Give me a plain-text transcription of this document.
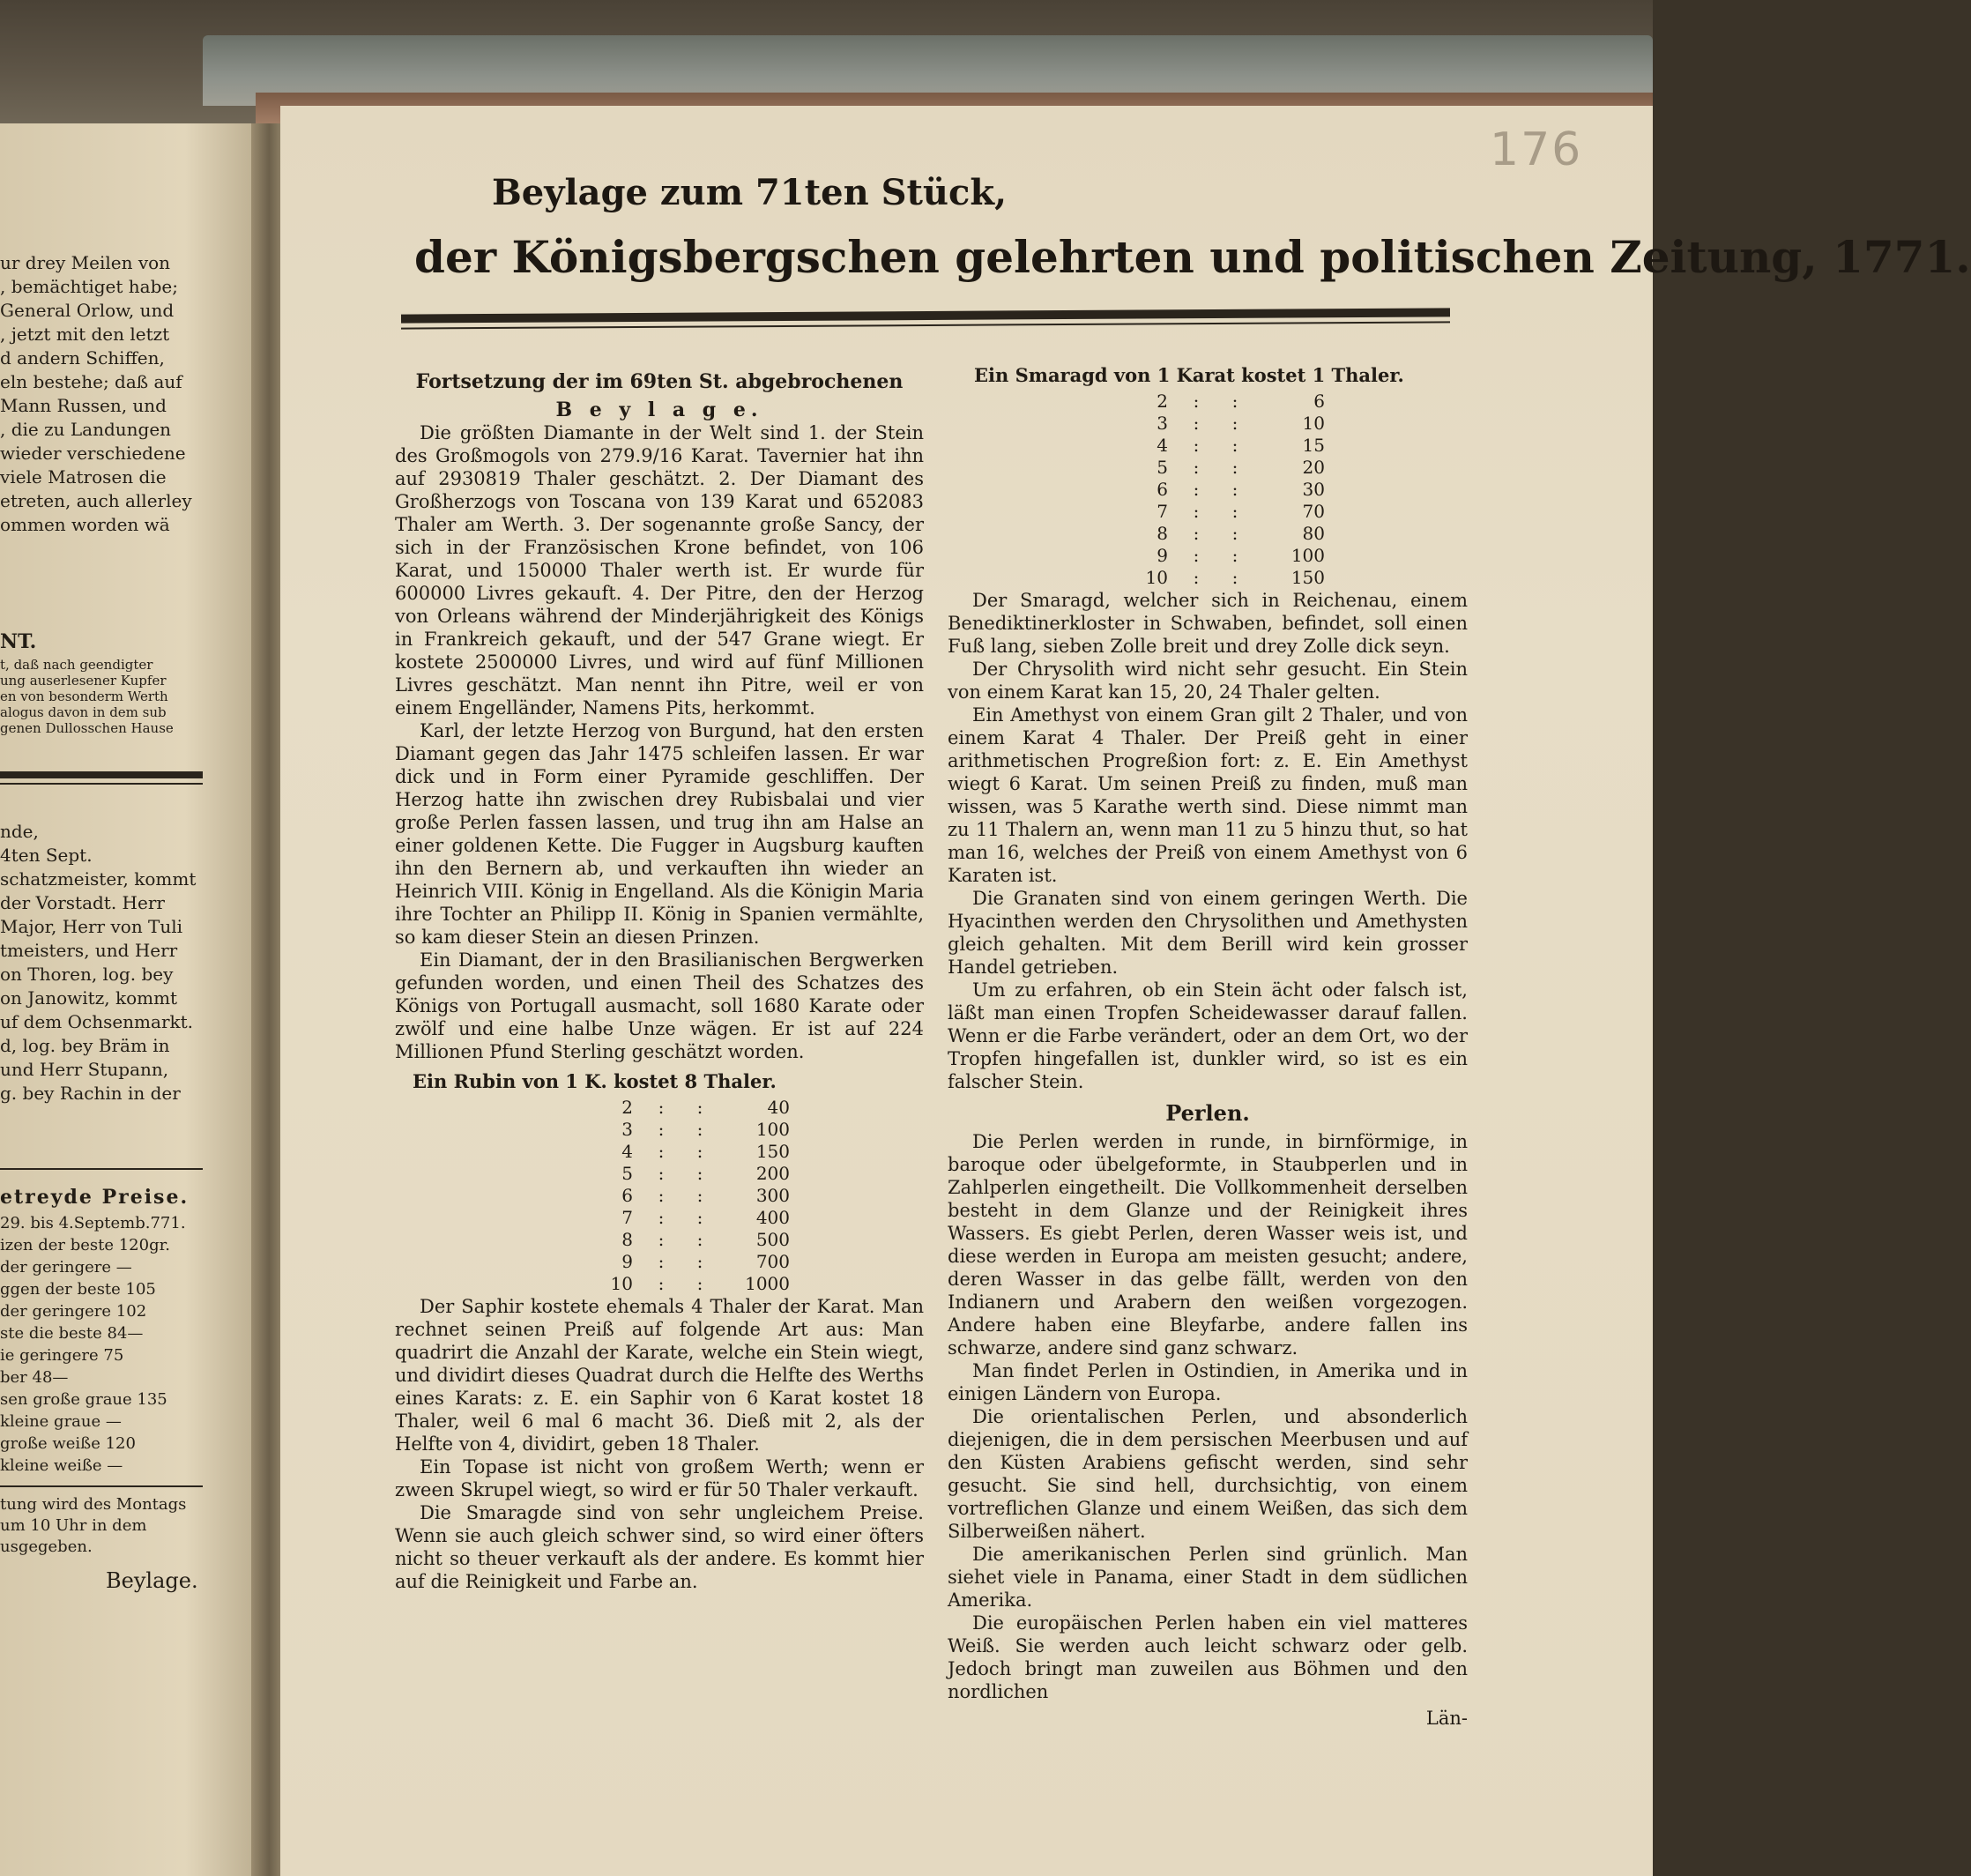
ur drey Meilen von
, bemächtiget habe;
General Orlow, und
, jetzt mit den letzt
d andern Schiffen,
eln bestehe; daß auf
Mann Russen, und
, die zu Landungen
wieder verschiedene
viele Matrosen die
etreten, auch allerley
ommen worden wä
NT.
t, daß nach geendigter
ung auserlesener Kupfer
en von besonderm Werth
alogus davon in dem sub
genen Dullosschen Hause
nde,
4ten Sept.
schatzmeister, kommt
der Vorstadt. Herr
Major, Herr von Tuli
tmeisters, und Herr
on Thoren, log. bey
on Janowitz, kommt
uf dem Ochsenmarkt.
d, log. bey Bräm in
und Herr Stupann,
g. bey Rachin in der
etreyde Preise.
29. bis 4.Septemb.771.
izen der beste 120gr.
der geringere —
ggen der beste 105
der geringere 102
ste die beste 84—
ie geringere 75
ber 48—
sen große graue 135
kleine graue —
große weiße 120
kleine weiße —
tung wird des Montags
um 10 Uhr in dem
usgegeben.
Beylage.
176
Beylage zum 71ten Stück,
der Königsbergschen gelehrten und politischen Zeitung, 1771.

Fortsetzung der im 69ten St. abgebrochenen

B e y l a g e.

Die größten Diamante in der Welt sind 1. der Stein des Großmogols von 279.9/16 Karat. Tavernier hat ihn auf 2930819 Thaler geschätzt. 2. Der Diamant des Großherzogs von Toscana von 139 Karat und 652083 Thaler am Werth. 3. Der sogenannte große Sancy, der sich in der Französischen Krone befindet, von 106 Karat, und 150000 Thaler werth ist. Er wurde für 600000 Livres gekauft. 4. Der Pitre, den der Herzog von Orleans während der Minderjährigkeit des Königs in Frankreich gekauft, und der 547 Grane wiegt. Er kostete 2500000 Livres, und wird auf fünf Millionen Livres geschätzt. Man nennt ihn Pitre, weil er von einem Engelländer, Namens Pits, herkommt.

Karl, der letzte Herzog von Burgund, hat den ersten Diamant gegen das Jahr 1475 schleifen lassen. Er war dick und in Form einer Pyramide geschliffen. Der Herzog hatte ihn zwischen drey Rubisbalai und vier große Perlen fassen lassen, und trug ihn am Halse an einer goldenen Kette. Die Fugger in Augsburg kauften ihn den Bernern ab, und verkauften ihn wieder an Heinrich VIII. König in Engelland. Als die Königin Maria ihre Tochter an Philipp II. König in Spanien vermählte, so kam dieser Stein an diesen Prinzen.

Ein Diamant, der in den Brasilianischen Bergwerken gefunden worden, und einen Theil des Schatzes des Königs von Portugall ausmacht, soll 1680 Karate oder zwölf und eine halbe Unze wägen. Er ist auf 224 Millionen Pfund Sterling geschätzt worden.

Ein Rubin von 1 K. kostet 8 Thaler.

2	:	:	40
3	:	:	100
4	:	:	150
5	:	:	200
6	:	:	300
7	:	:	400
8	:	:	500
9	:	:	700
10	:	:	1000

Der Saphir kostete ehemals 4 Thaler der Karat. Man rechnet seinen Preiß auf folgende Art aus: Man quadrirt die Anzahl der Karate, welche ein Stein wiegt, und dividirt dieses Quadrat durch die Helfte des Werths eines Karats: z. E. ein Saphir von 6 Karat kostet 18 Thaler, weil 6 mal 6 macht 36. Dieß mit 2, als der Helfte von 4, dividirt, geben 18 Thaler.

Ein Topase ist nicht von großem Werth; wenn er zween Skrupel wiegt, so wird er für 50 Thaler verkauft.

Die Smaragde sind von sehr ungleichem Preise. Wenn sie auch gleich schwer sind, so wird einer öfters nicht so theuer verkauft als der andere. Es kommt hier auf die Reinigkeit und Farbe an.

Ein Smaragd von 1 Karat kostet 1 Thaler.

2	:	:	6
3	:	:	10
4	:	:	15
5	:	:	20
6	:	:	30
7	:	:	70
8	:	:	80
9	:	:	100
10	:	:	150

Der Smaragd, welcher sich in Reichenau, einem Benediktinerkloster in Schwaben, befindet, soll einen Fuß lang, sieben Zolle breit und drey Zolle dick seyn.

Der Chrysolith wird nicht sehr gesucht. Ein Stein von einem Karat kan 15, 20, 24 Thaler gelten.

Ein Amethyst von einem Gran gilt 2 Thaler, und von einem Karat 4 Thaler. Der Preiß geht in einer arithmetischen Progreßion fort: z. E. Ein Amethyst wiegt 6 Karat. Um seinen Preiß zu finden, muß man wissen, was 5 Karathe werth sind. Diese nimmt man zu 11 Thalern an, wenn man 11 zu 5 hinzu thut, so hat man 16, welches der Preiß von einem Amethyst von 6 Karaten ist.

Die Granaten sind von einem geringen Werth. Die Hyacinthen werden den Chrysolithen und Amethysten gleich gehalten. Mit dem Berill wird kein grosser Handel getrieben.

Um zu erfahren, ob ein Stein ächt oder falsch ist, läßt man einen Tropfen Scheidewasser darauf fallen. Wenn er die Farbe verändert, oder an dem Ort, wo der Tropfen hingefallen ist, dunkler wird, so ist es ein falscher Stein.

Perlen.

Die Perlen werden in runde, in birnförmige, in baroque oder übelgeformte, in Staubperlen und in Zahlperlen eingetheilt. Die Vollkommenheit derselben besteht in dem Glanze und der Reinigkeit ihres Wassers. Es giebt Perlen, deren Wasser weis ist, und diese werden in Europa am meisten gesucht; andere, deren Wasser in das gelbe fällt, werden von den Indianern und Arabern den weißen vorgezogen. Andere haben eine Bleyfarbe, andere fallen ins schwarze, andere sind ganz schwarz.

Man findet Perlen in Ostindien, in Amerika und in einigen Ländern von Europa.

Die orientalischen Perlen, und absonderlich diejenigen, die in dem persischen Meerbusen und auf den Küsten Arabiens gefischt werden, sind sehr gesucht. Sie sind hell, durchsichtig, von einem vortreflichen Glanze und einem Weißen, das sich dem Silberweißen nähert.

Die amerikanischen Perlen sind grünlich. Man siehet viele in Panama, einer Stadt in dem südlichen Amerika.

Die europäischen Perlen haben ein viel matteres Weiß. Sie werden auch leicht schwarz oder gelb. Jedoch bringt man zuweilen aus Böhmen und den nordlichen

Län-
